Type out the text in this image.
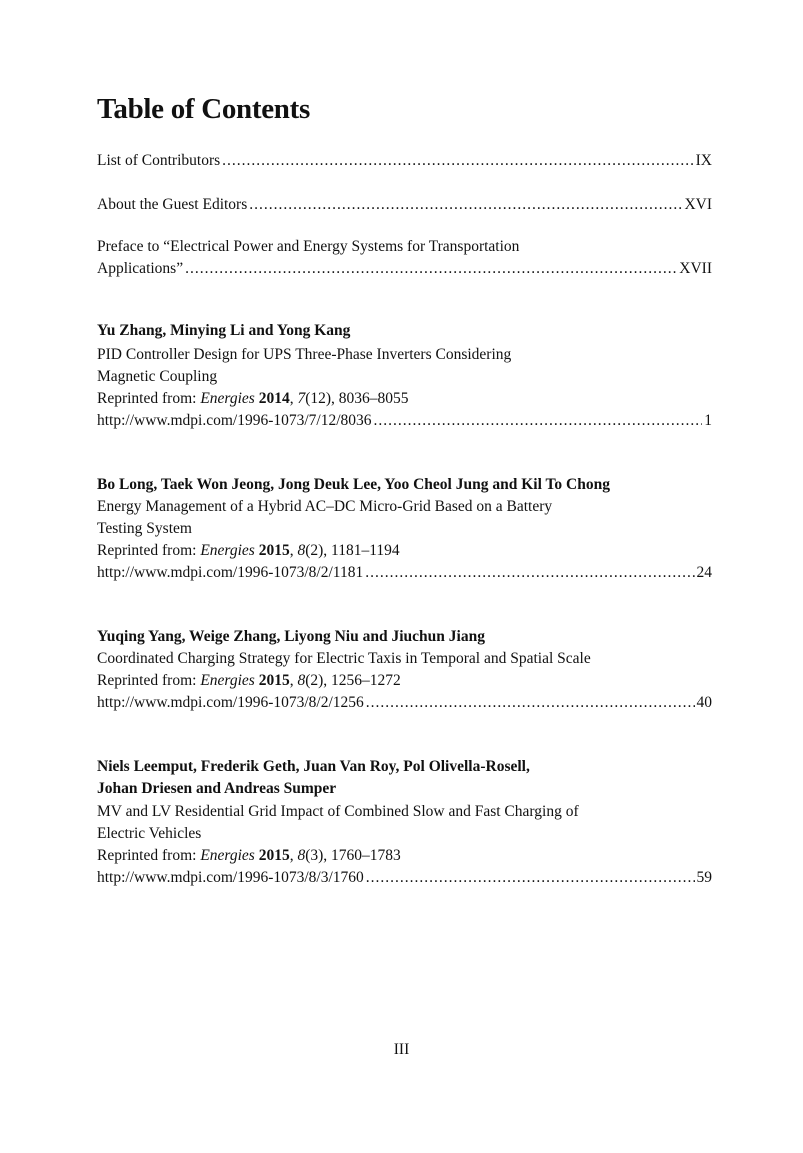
Table of Contents
List of Contributors .....	IX
About the Guest Editors .....	XVI
Preface to “Electrical Power and Energy Systems for Transportation
Applications” .....	XVII
Yu Zhang, Minying Li and Yong Kang
PID Controller Design for UPS Three-Phase Inverters Considering
Magnetic Coupling
Reprinted from: Energies 2014, 7(12), 8036–8055
http://www.mdpi.com/1996-1073/7/12/8036 .....	1
Bo Long, Taek Won Jeong, Jong Deuk Lee, Yoo Cheol Jung and Kil To Chong
Energy Management of a Hybrid AC–DC Micro-Grid Based on a Battery
Testing System
Reprinted from: Energies 2015, 8(2), 1181–1194
http://www.mdpi.com/1996-1073/8/2/1181 .....	24
Yuqing Yang, Weige Zhang, Liyong Niu and Jiuchun Jiang
Coordinated Charging Strategy for Electric Taxis in Temporal and Spatial Scale
Reprinted from: Energies 2015, 8(2), 1256–1272
http://www.mdpi.com/1996-1073/8/2/1256 .....	40
Niels Leemput, Frederik Geth, Juan Van Roy, Pol Olivella-Rosell,
Johan Driesen and Andreas Sumper
MV and LV Residential Grid Impact of Combined Slow and Fast Charging of
Electric Vehicles
Reprinted from: Energies 2015, 8(3), 1760–1783
http://www.mdpi.com/1996-1073/8/3/1760 .....	59
III
